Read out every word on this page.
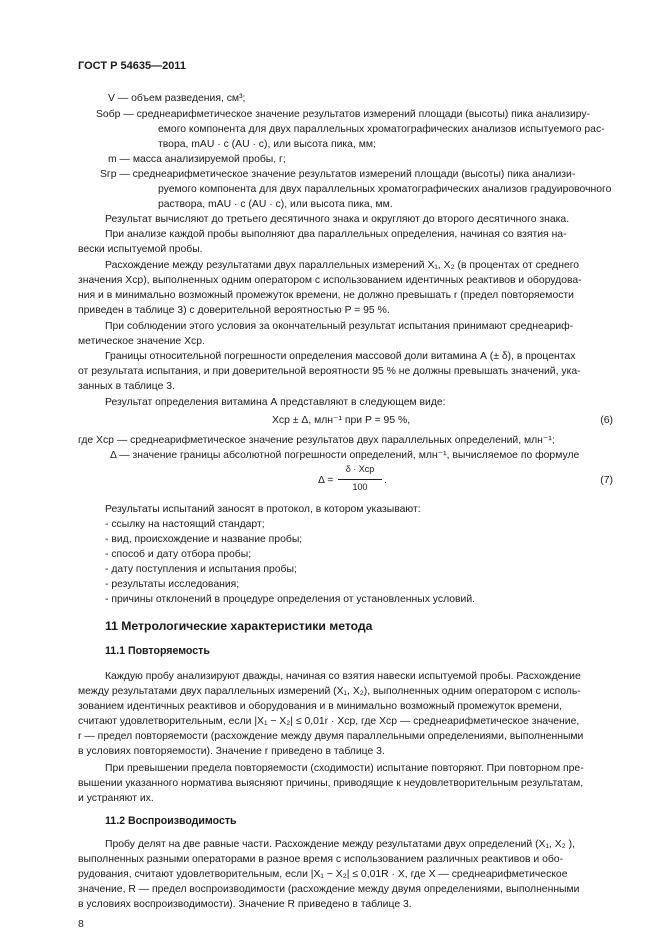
ГОСТ Р 54635—2011
V — объем разведения, см³;
Sобр — среднеарифметическое значение результатов измерений площади (высоты) пика анализиру-
емого компонента для двух параллельных хроматографических анализов испытуемого рас-
твора, mAU · c (AU · c), или высота пика, мм;
m — масса анализируемой пробы, г;
Sгр — среднеарифметическое значение результатов измерений площади (высоты) пика анализи-
руемого компонента для двух параллельных хроматографических анализов градуировочного
раствора, mAU · c (AU · c), или высота пика, мм.
Результат вычисляют до третьего десятичного знака и округляют до второго десятичного знака.
При анализе каждой пробы выполняют два параллельных определения, начиная со взятия на-
вески испытуемой пробы.
Расхождение между результатами двух параллельных измерений X₁, X₂ (в процентах от среднего
значения Xср), выполненных одним оператором с использованием идентичных реактивов и оборудова-
ния и в минимально возможный промежуток времени, не должно превышать r (предел повторяемости
приведен в таблице 3) с доверительной вероятностью P = 95 %.
При соблюдении этого условия за окончательный результат испытания принимают среднеариф-
метическое значение Xср.
Границы относительной погрешности определения массовой доли витамина А (± δ), в процентах
от результата испытания, и при доверительной вероятности 95 % не должны превышать значений, ука-
занных в таблице 3.
Результат определения витамина А представляют в следующем виде:
Xср ± Δ, млн⁻¹ при P = 95 %,	(6)
где Xср — среднеарифметическое значение результатов двух параллельных определений, млн⁻¹;
Δ — значение границы абсолютной погрешности определений, млн⁻¹, вычисляемое по формуле
Δ =
δ · Xср
100
.	(7)
Результаты испытаний заносят в протокол, в котором указывают:
- ссылку на настоящий стандарт;
- вид, происхождение и название пробы;
- способ и дату отбора пробы;
- дату поступления и испытания пробы;
- результаты исследования;
- причины отклонений в процедуре определения от установленных условий.
11 Метрологические характеристики метода
11.1 Повторяемость
Каждую пробу анализируют дважды, начиная со взятия навески испытуемой пробы. Расхождение
между результатами двух параллельных измерений (X₁, X₂), выполненных одним оператором с исполь-
зованием идентичных реактивов и оборудования и в минимально возможный промежуток времени,
считают удовлетворительным, если |X₁ − X₂| ≤ 0,01r · Xср, где Xср — среднеарифметическое значение,
r — предел повторяемости (расхождение между двумя параллельными определениями, выполненными
в условиях повторяемости). Значение r приведено в таблице 3.
При превышении предела повторяемости (сходимости) испытание повторяют. При повторном пре-
вышении указанного норматива выясняют причины, приводящие к неудовлетворительным результатам,
и устраняют их.
11.2 Воспроизводимость
Пробу делят на две равные части. Расхождение между результатами двух определений (X₁, X₂ ),
выполненных разными операторами в разное время с использованием различных реактивов и обо-
рудования, считают удовлетворительным, если |X₁ − X₂| ≤ 0,01R · X, где X — среднеарифметическое
значение, R — предел воспроизводимости (расхождение между двумя определениями, выполненными
в условиях воспроизводимости). Значение R приведено в таблице 3.
8
